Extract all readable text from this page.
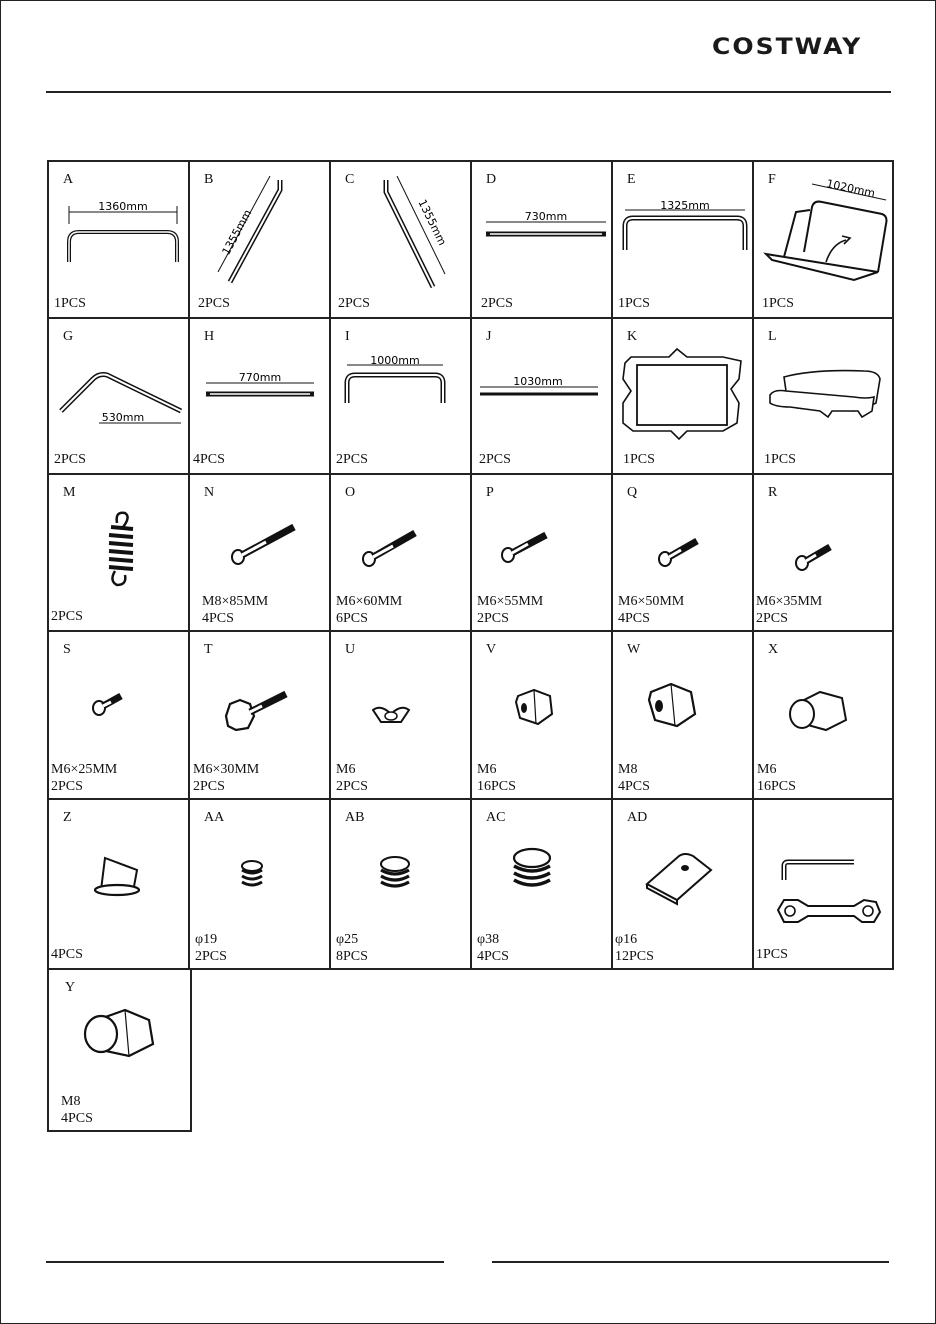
COSTWAY
A
1360mm
1PCS
B
1355mm
2PCS
C
1355mm
2PCS
D
730mm
2PCS
E
1325mm
1PCS
F	1020mm
1PCS
G
530mm
2PCS
H
770mm
4PCS
I
1000mm
2PCS
J
1030mm
2PCS
K
1PCS
L
1PCS
M
2PCS
N
M8×85MM
4PCS
O
M6×60MM
6PCS
P
M6×55MM
2PCS
Q
M6×50MM
4PCS
R
M6×35MM
2PCS
S
M6×25MM
2PCS
T
M6×30MM
2PCS
U
M6
2PCS
V
M6
16PCS
W
M8
4PCS
X
M6
16PCS
Z
4PCS
AA
φ19
2PCS
AB
φ25
8PCS
AC
φ38
4PCS
AD
φ16
12PCS	1PCS
Y
M8
4PCS
